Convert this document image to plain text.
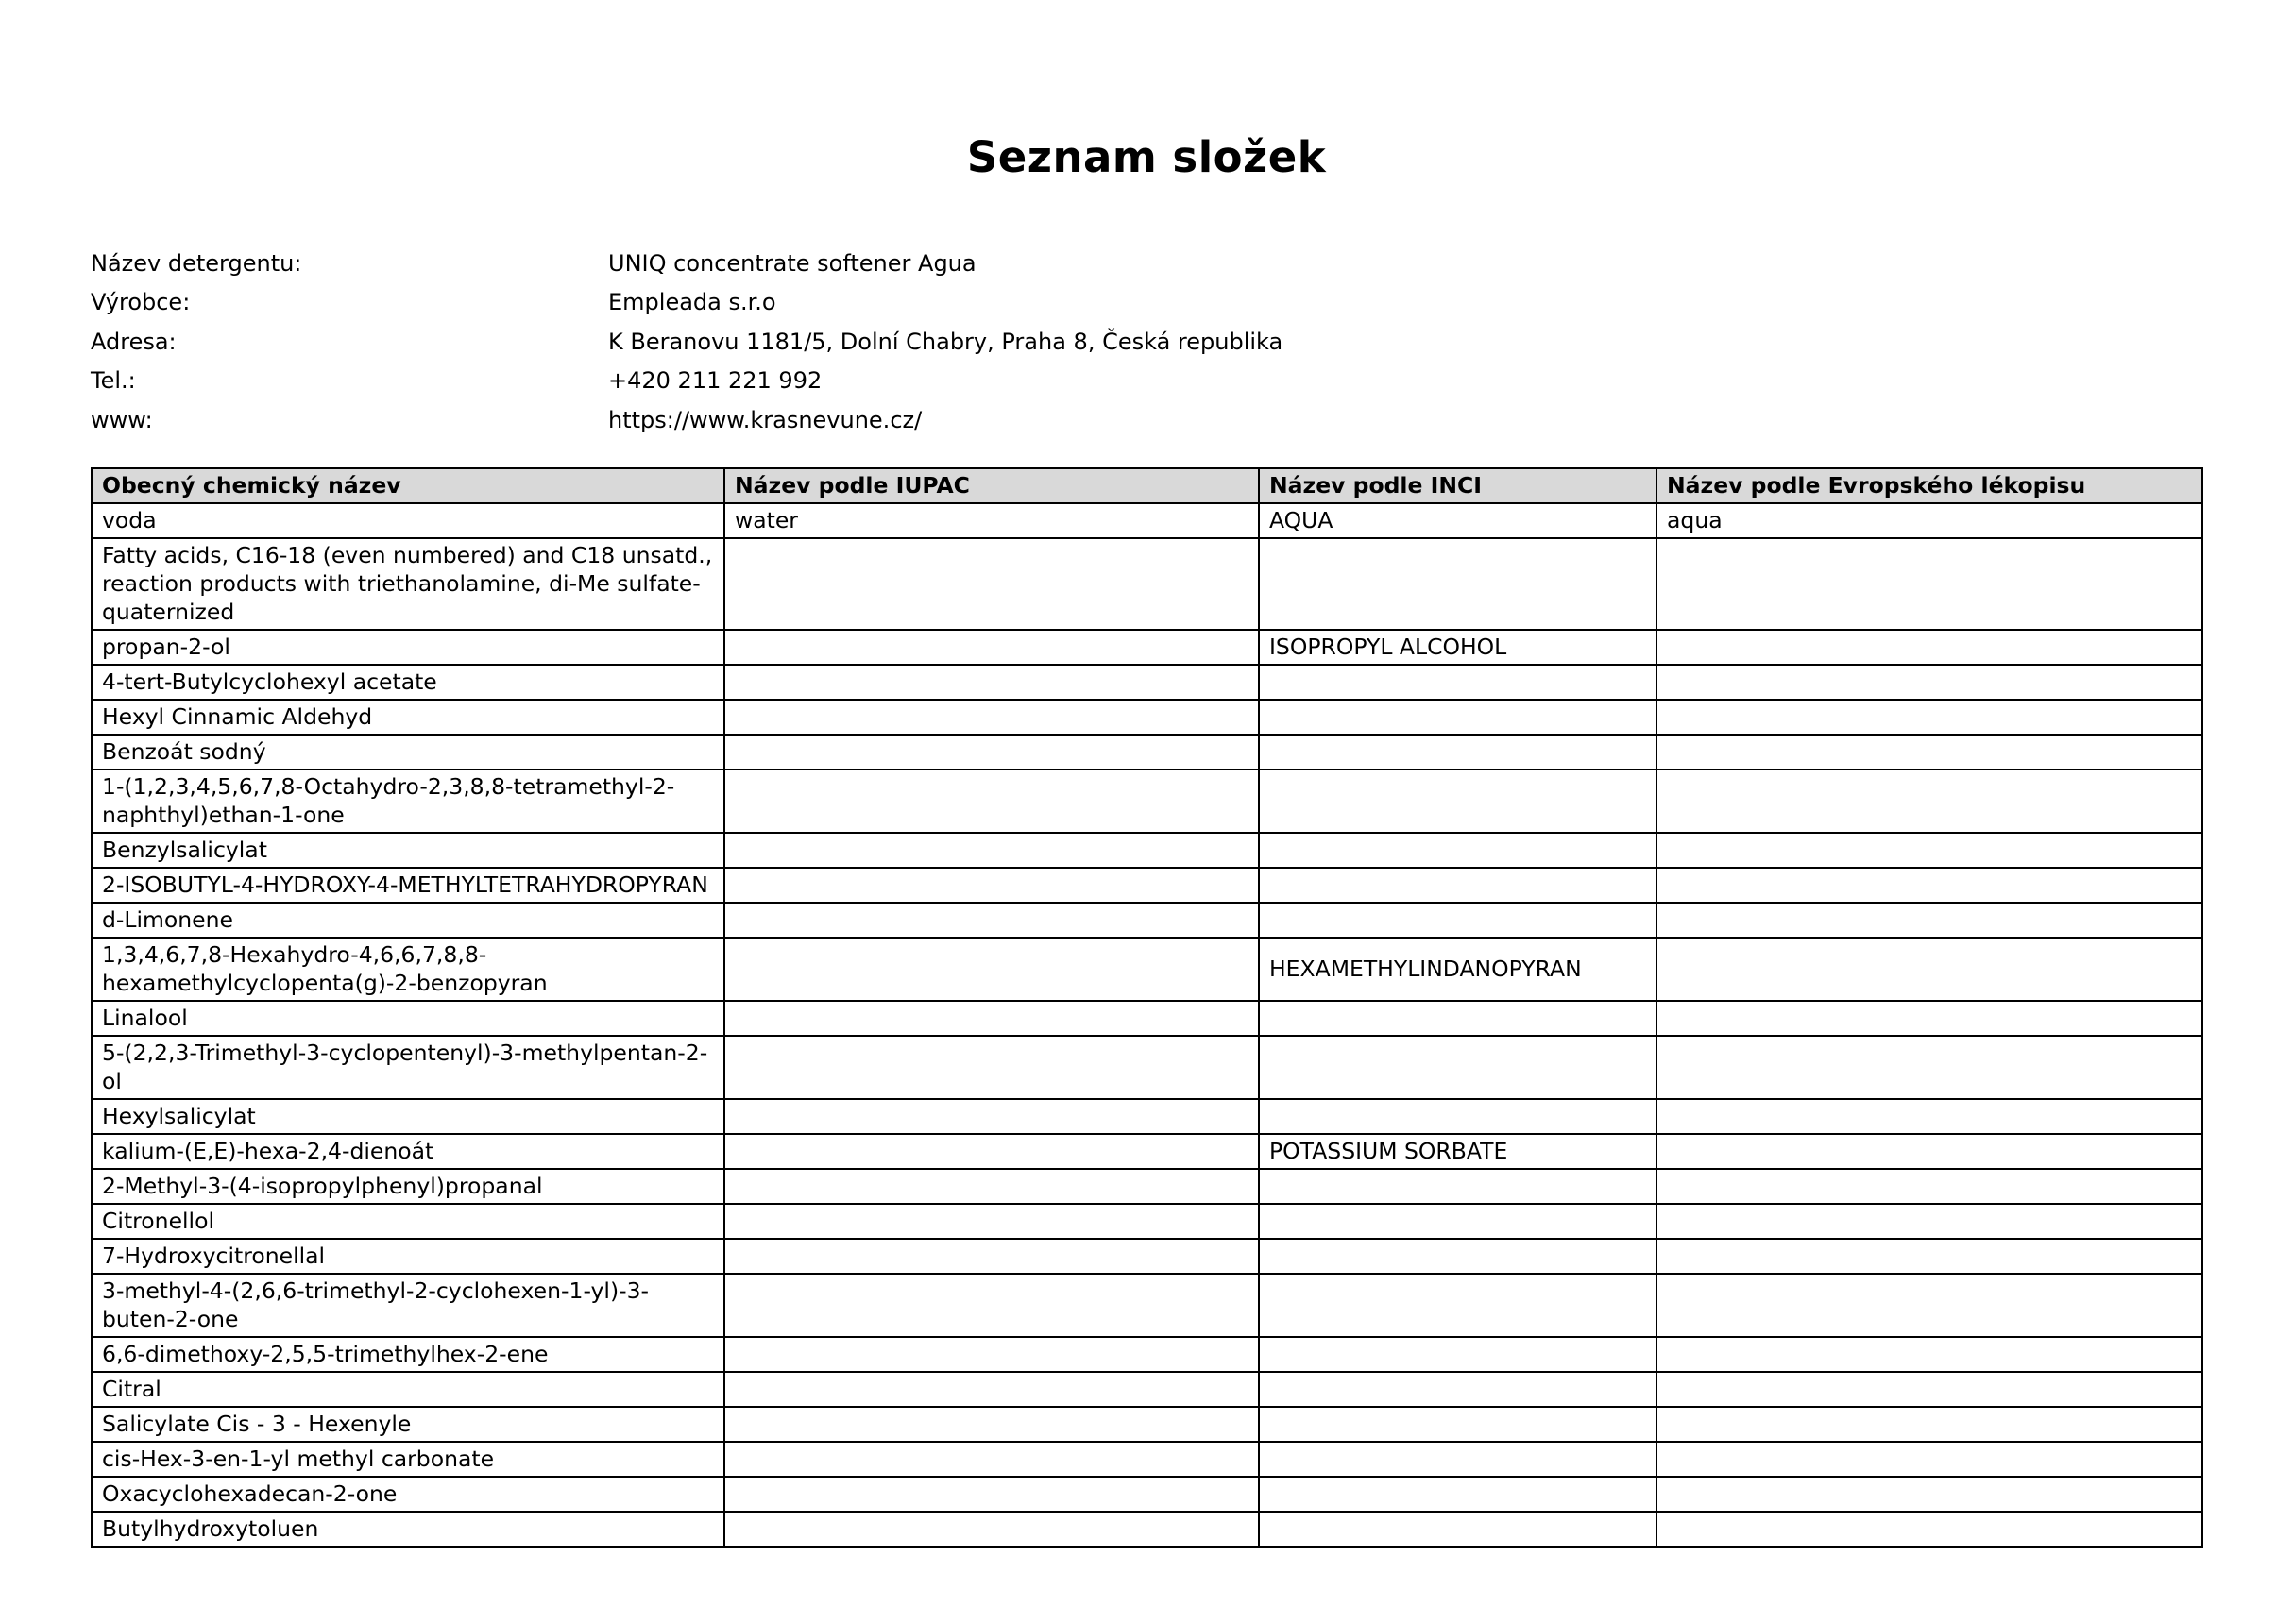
Seznam složek
Název detergentu:	UNIQ concentrate softener Agua
Výrobce:	Empleada s.r.o
Adresa:	K Beranovu 1181/5, Dolní Chabry, Praha 8, Česká republika
Tel.:	+420 211 221 992
www:	https://www.krasnevune.cz/
Obecný chemický název	Název podle IUPAC	Název podle INCI	Název podle Evropského lékopisu
voda	water	AQUA	aqua
Fatty acids, C16-18 (even numbered) and C18 unsatd., reaction products with triethanolamine, di-Me sulfate-quaternized			
propan-2-ol		ISOPROPYL ALCOHOL	
4-tert-Butylcyclohexyl acetate			
Hexyl Cinnamic Aldehyd			
Benzoát sodný			
1-(1,2,3,4,5,6,7,8-Octahydro-2,3,8,8-tetramethyl-2-naphthyl)ethan-1-one			
Benzylsalicylat			
2-ISOBUTYL-4-HYDROXY-4-METHYLTETRAHYDROPYRAN			
d-Limonene			
1,3,4,6,7,8-Hexahydro-4,6,6,7,8,8-hexamethylcyclopenta(g)-2-benzopyran		HEXAMETHYLINDANOPYRAN	
Linalool			
5-(2,2,3-Trimethyl-3-cyclopentenyl)-3-methylpentan-2-ol			
Hexylsalicylat			
kalium-(E,E)-hexa-2,4-dienoát		POTASSIUM SORBATE	
2-Methyl-3-(4-isopropylphenyl)propanal			
Citronellol			
7-Hydroxycitronellal			
3-methyl-4-(2,6,6-trimethyl-2-cyclohexen-1-yl)-3-buten-2-one			
6,6-dimethoxy-2,5,5-trimethylhex-2-ene			
Citral			
Salicylate Cis - 3 - Hexenyle			
cis-Hex-3-en-1-yl methyl carbonate			
Oxacyclohexadecan-2-one			
Butylhydroxytoluen			
